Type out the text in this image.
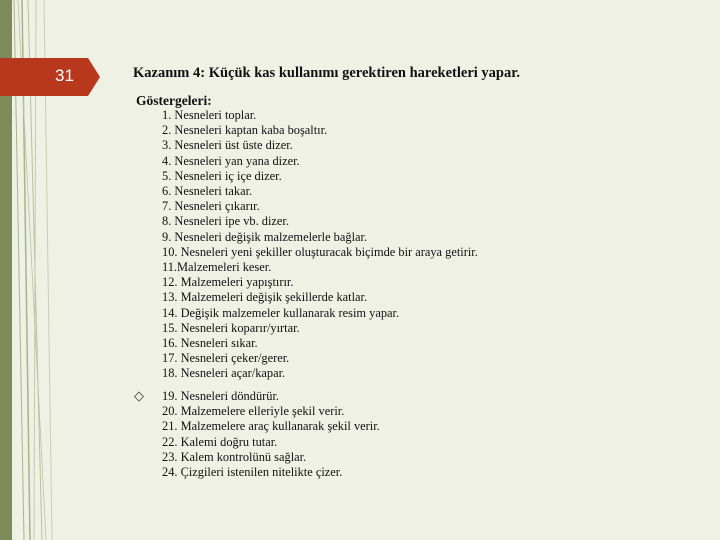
31	Kazanım 4: Küçük kas kullanımı gerektiren hareketleri yapar.
Göstergeleri:
1. Nesneleri toplar.
2. Nesneleri kaptan kaba boşaltır.
3. Nesneleri üst üste dizer.
4. Nesneleri yan yana dizer.
5. Nesneleri iç içe dizer.
6. Nesneleri takar.
7. Nesneleri çıkarır.
8. Nesneleri ipe vb. dizer.
9. Nesneleri değişik malzemelerle bağlar.
10. Nesneleri yeni şekiller oluşturacak biçimde bir araya getirir.
11.Malzemeleri keser.
12. Malzemeleri yapıştırır.
13. Malzemeleri değişik şekillerde katlar.
14. Değişik malzemeler kullanarak resim yapar.
15. Nesneleri koparır/yırtar.
16. Nesneleri sıkar.
17. Nesneleri çeker/gerer.
18. Nesneleri açar/kapar.
◇ 19. Nesneleri döndürür.
20. Malzemelere elleriyle şekil verir.
21. Malzemelere araç kullanarak şekil verir.
22. Kalemi doğru tutar.
23. Kalem kontrolünü sağlar.
24. Çizgileri istenilen nitelikte çizer.
